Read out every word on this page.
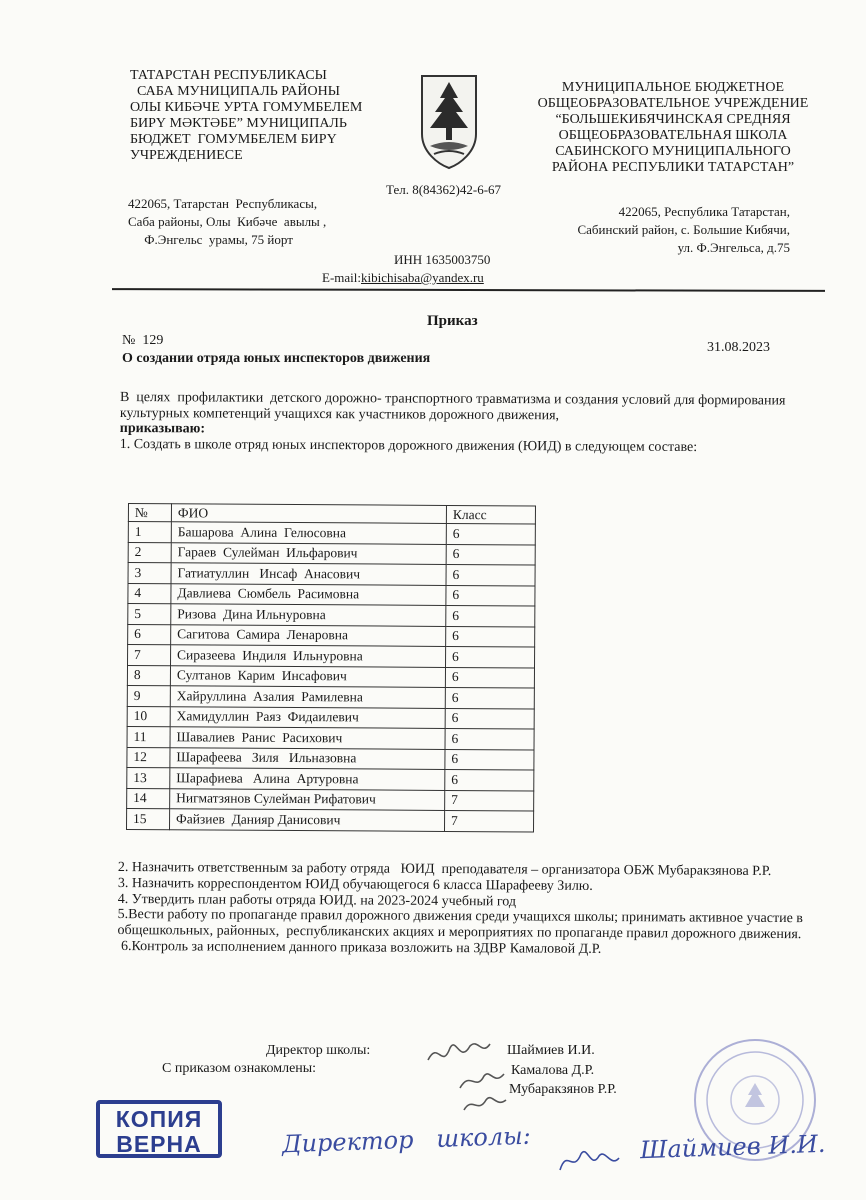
ТАТАРСТАН РЕСПУБЛИКАСЫ
САБА МУНИЦИПАЛЬ РАЙОНЫ
ОЛЫ КИБӘЧЕ УРТА ГОМУМБЕЛЕМ
БИРҮ МӘКТӘБЕ” МУНИЦИПАЛЬ
БЮДЖЕТ  ГОМУМБЕЛЕМ БИРҮ
УЧРЕЖДЕНИЕСЕ
МУНИЦИПАЛЬНОЕ БЮДЖЕТНОЕ
ОБЩЕОБРАЗОВАТЕЛЬНОЕ УЧРЕЖДЕНИЕ
“БОЛЬШЕКИБЯЧИНСКАЯ СРЕДНЯЯ
ОБЩЕОБРАЗОВАТЕЛЬНАЯ ШКОЛА
САБИНСКОГО МУНИЦИПАЛЬНОГО
РАЙОНА РЕСПУБЛИКИ ТАТАРСТАН”
422065, Татарстан  Республикасы,
Саба районы, Олы  Кибәче  авылы ,
Ф.Энгельс  урамы, 75 йорт
Тел. 8(84362)42-6-67
422065, Республика Татарстан,
Сабинский район, с. Большие Кибячи,
ул. Ф.Энгельса, д.75
ИНН 1635003750
E-mail:kibichisaba@yandex.ru
Приказ
№  129	31.08.2023
О создании отряда юных инспекторов движения

В  целях  профилактики  детского дорожно- транспортного травматизма и создания условий для формирования культурных компетенций учащихся как участников дорожного движения,

приказываю:

1. Создать в школе отряд юных инспекторов дорожного движения (ЮИД) в следующем составе:

№	ФИО	Класс
1	Башарова  Алина  Гелюсовна	6
2	Гараев  Сулейман  Ильфарович	6
3	Гатиатуллин   Инсаф  Анасович	6
4	Давлиева  Сюмбель  Расимовна	6
5	Ризова  Дина Ильнуровна	6
6	Сагитова  Самира  Ленаровна	6
7	Сиразеева  Индиля  Ильнуровна	6
8	Султанов  Карим  Инсафович	6
9	Хайруллина  Азалия  Рамилевна	6
10	Хамидуллин  Раяз  Фидаилевич	6
11	Шавалиев  Ранис  Расихович	6
12	Шарафеева   Зиля   Ильназовна	6
13	Шарафиева   Алина  Артуровна	6
14	Нигматзянов Сулейман Рифатович	7
15	Файзиев  Данияр Данисович	7

2. Назначить ответственным за работу отряда   ЮИД  преподавателя – организатора ОБЖ Мубаракзянова Р.Р.

3. Назначить корреспондентом ЮИД обучающегося 6 класса Шарафееву Зилю.

4. Утвердить план работы отряда ЮИД. на 2023-2024 учебный год

5.Вести работу по пропаганде правил дорожного движения среди учащихся школы; принимать активное участие в общешкольных, районных,  республиканских акциях и мероприятиях по пропаганде правил дорожного движения.

6.Контроль за исполнением данного приказа возложить на ЗДВР Камаловой Д.Р.

Директор школы:
С приказом ознакомлены:
Шаймиев И.И.
Камалова Д.Р.
Мубаракзянов Р.Р.
КОПИЯ
ВЕРНА	Директор   школы:	Шаймиев И.И.
